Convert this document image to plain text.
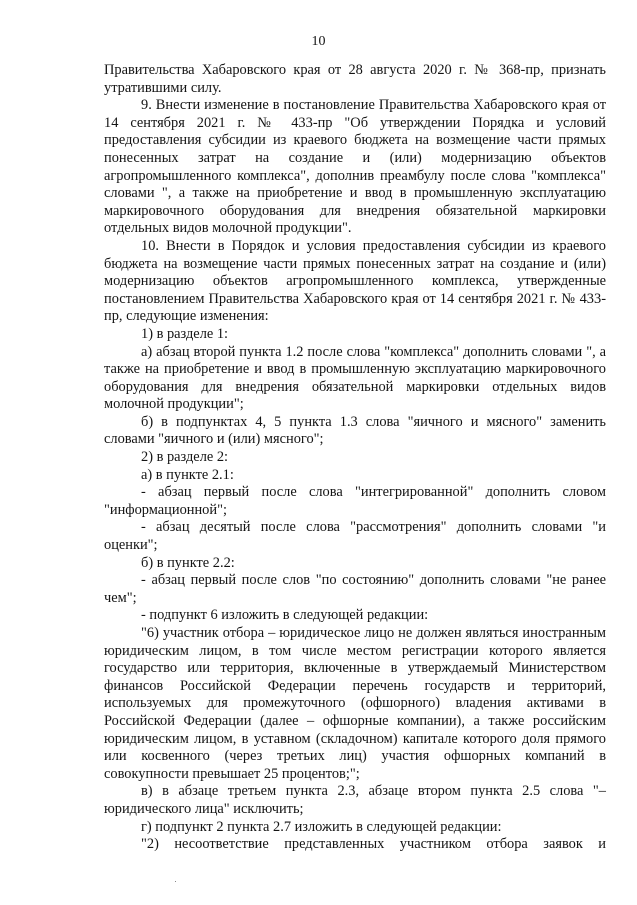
10

Правительства Хабаровского края от 28 августа 2020 г. № 368-пр, признать утратившими силу.

9. Внести изменение в постановление Правительства Хабаровского края от 14 сентября 2021 г. № 433-пр "Об утверждении Порядка и условий предоставления субсидии из краевого бюджета на возмещение части прямых понесенных затрат на создание и (или) модернизацию объектов агропромышленного комплекса", дополнив преамбулу после слова "комплекса" словами ", а также на приобретение и ввод в промышленную эксплуатацию маркировочного оборудования для внедрения обязательной маркировки отдельных видов молочной продукции".

10. Внести в Порядок и условия предоставления субсидии из краевого бюджета на возмещение части прямых понесенных затрат на создание и (или) модернизацию объектов агропромышленного комплекса, утвержденные постановлением Правительства Хабаровского края от 14 сентября 2021 г. № 433-пр, следующие изменения:

1) в разделе 1:

а) абзац второй пункта 1.2 после слова "комплекса" дополнить словами ", а также на приобретение и ввод в промышленную эксплуатацию маркировочного оборудования для внедрения обязательной маркировки отдельных видов молочной продукции";

б) в подпунктах 4, 5 пункта 1.3 слова "яичного и мясного" заменить словами "яичного и (или) мясного";

2) в разделе 2:

а) в пункте 2.1:

- абзац первый после слова "интегрированной" дополнить словом "информационной";

- абзац десятый после слова "рассмотрения" дополнить словами "и оценки";

б) в пункте 2.2:

- абзац первый после слов "по состоянию" дополнить словами "не ранее чем";

- подпункт 6 изложить в следующей редакции:

"6) участник отбора – юридическое лицо не должен являться иностранным юридическим лицом, в том числе местом регистрации которого является государство или территория, включенные в утверждаемый Министерством финансов Российской Федерации перечень государств и территорий, используемых для промежуточного (офшорного) владения активами в Российской Федерации (далее – офшорные компании), а также российским юридическим лицом, в уставном (складочном) капитале которого доля прямого или косвенного (через третьих лиц) участия офшорных компаний в совокупности превышает 25 процентов;";

в) в абзаце третьем пункта 2.3, абзаце втором пункта 2.5 слова "– юридического лица" исключить;

г) подпункт 2 пункта 2.7 изложить в следующей редакции:

"2) несоответствие представленных участником отбора заявок и
